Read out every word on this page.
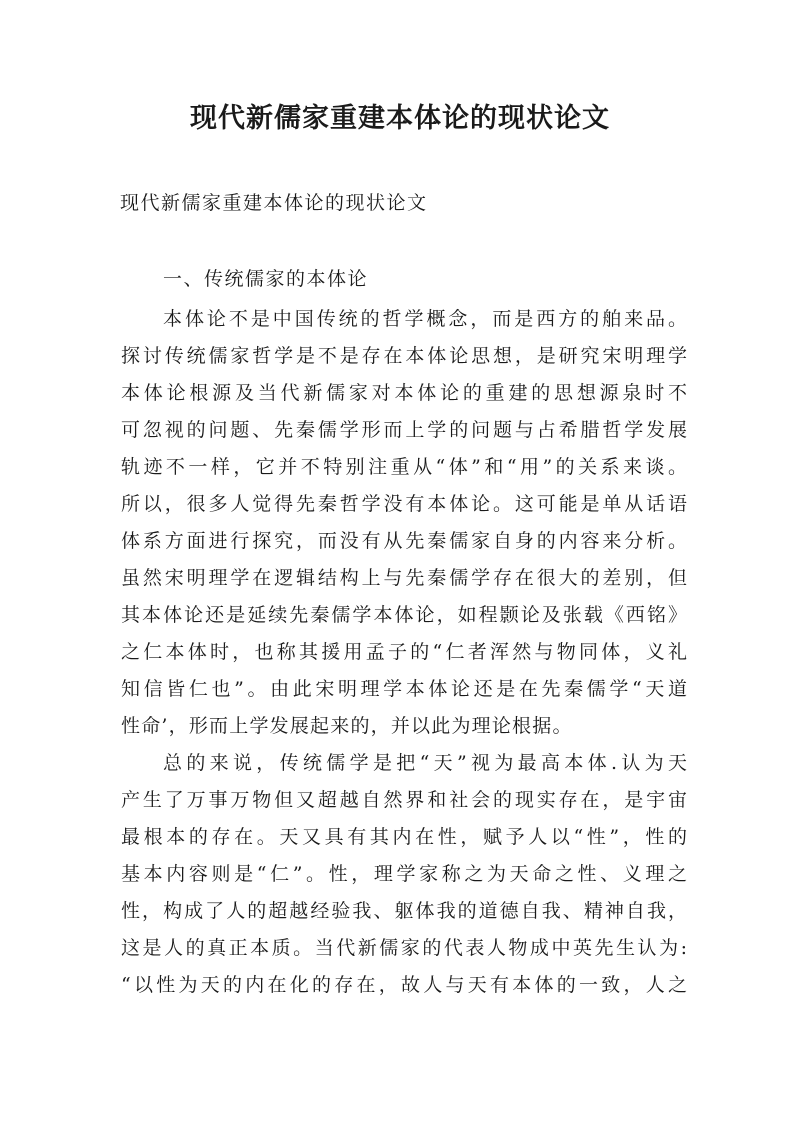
现代新儒家重建本体论的现状论文

现代新儒家重建本体论的现状论文

一、传统儒家的本体论

本体论不是中国传统的哲学概念，而是西方的舶来品。
探讨传统儒家哲学是不是存在本体论思想，是研究宋明理学
本体论根源及当代新儒家对本体论的重建的思想源泉时不
可忽视的问题、先秦儒学形而上学的问题与占希腊哲学发展
轨迹不一样，它并不特别注重从“体”和“用”的关系来谈。
所以，很多人觉得先秦哲学没有本体论。这可能是单从话语
体系方面进行探究，而没有从先秦儒家自身的内容来分析。
虽然宋明理学在逻辑结构上与先秦儒学存在很大的差别，但
其本体论还是延续先秦儒学本体论，如程颢论及张载《西铭》
之仁本体时，也称其援用孟子的“仁者浑然与物同体，义礼
知信皆仁也”。由此宋明理学本体论还是在先秦儒学“天道
性命’，形而上学发展起来的，并以此为理论根据。
总的来说，传统儒学是把“天”视为最高本体.认为天
产生了万事万物但又超越自然界和社会的现实存在，是宇宙
最根本的存在。天又具有其内在性，赋予人以“性”，性的
基本内容则是“仁”。性，理学家称之为天命之性、义理之
性，构成了人的超越经验我、躯体我的道德自我、精神自我，
这是人的真正本质。当代新儒家的代表人物成中英先生认为:
“以性为天的内在化的存在，故人与天有本体的一致，人之
